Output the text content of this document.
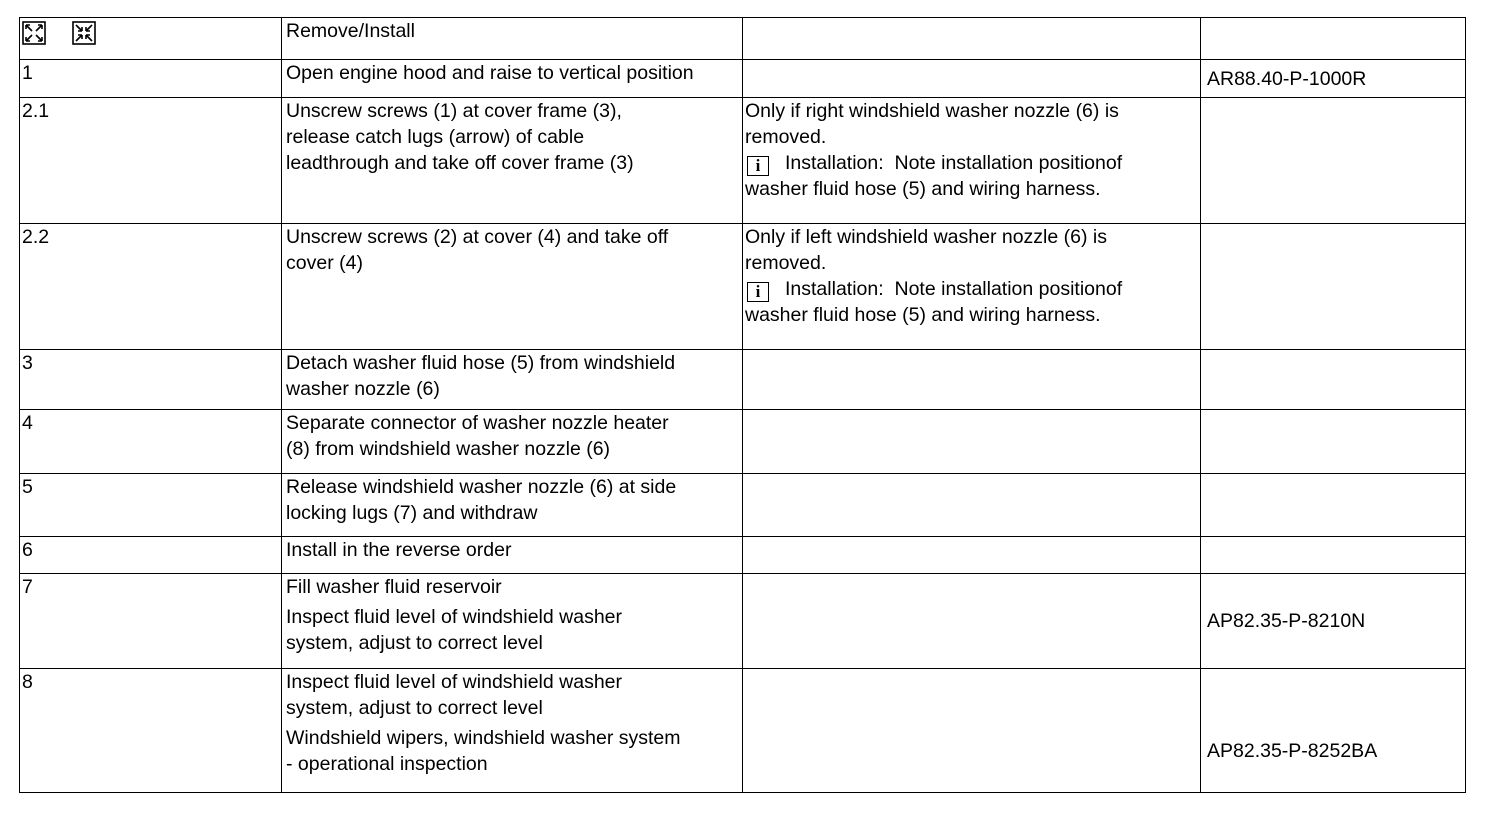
	Remove/Install		
1	Open engine hood and raise to vertical position		AR88.40-P-1000R
2.1	Unscrew screws (1) at cover frame (3),
release catch lugs (arrow) of cable
leadthrough and take off cover frame (3)	Only if right windshield washer nozzle (6) is
removed.
i Installation: Note installation positionof
washer fluid hose (5) and wiring harness.	

2.2	Unscrew screws (2) at cover (4) and take off
cover (4)	Only if left windshield washer nozzle (6) is
removed.
i Installation: Note installation positionof
washer fluid hose (5) and wiring harness.	

3	Detach washer fluid hose (5) from windshield
washer nozzle (6)		

4	Separate connector of washer nozzle heater
(8) from windshield washer nozzle (6)		

5	Release windshield washer nozzle (6) at side
locking lugs (7) and withdraw		

6	Install in the reverse order		
7	Fill washer fluid reservoir
Inspect fluid level of windshield washer
system, adjust to correct level		AP82.35-P-8210N
8	Inspect fluid level of windshield washer
system, adjust to correct level
Windshield wipers, windshield washer system
- operational inspection		AP82.35-P-8252BA
